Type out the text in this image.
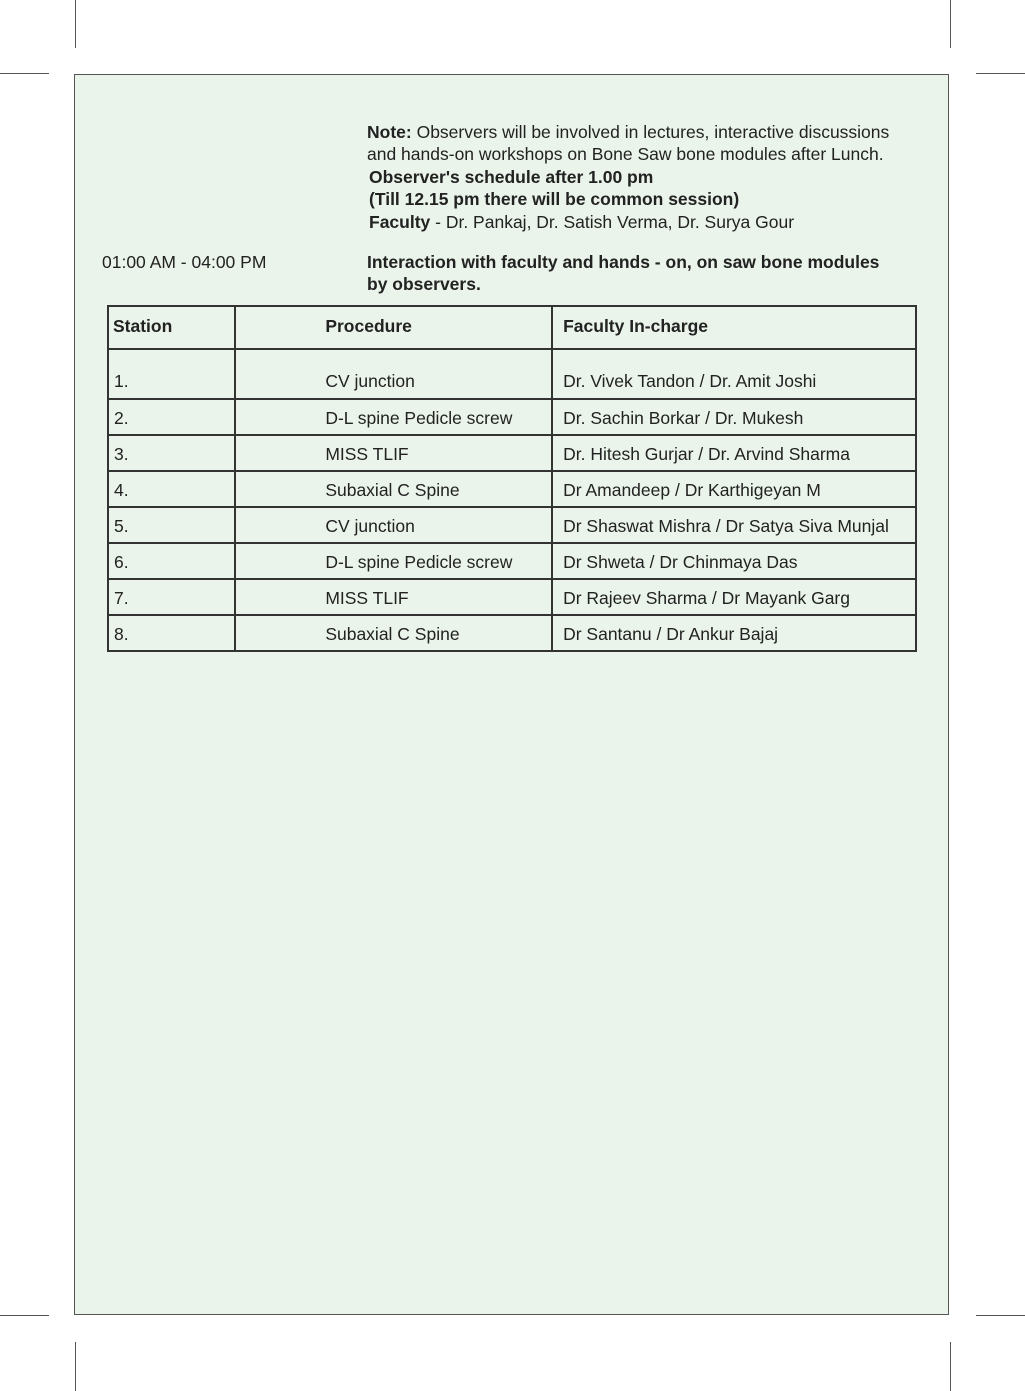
Note: Observers will be involved in lectures, interactive discussions
and hands-on workshops on Bone Saw bone modules after Lunch.
Observer's schedule after 1.00 pm
(Till 12.15 pm there will be common session)
Faculty - Dr. Pankaj, Dr. Satish Verma, Dr. Surya Gour
01:00 AM - 04:00 PM	Interaction with faculty and hands - on, on saw bone modules
by observers.
Station	Procedure	Faculty In-charge
1.	CV junction	Dr. Vivek Tandon / Dr. Amit Joshi
2.	D-L spine Pedicle screw	Dr. Sachin Borkar / Dr. Mukesh
3.	MISS TLIF	Dr. Hitesh Gurjar / Dr. Arvind Sharma
4.	Subaxial C Spine	Dr Amandeep / Dr Karthigeyan M
5.	CV junction	Dr Shaswat Mishra / Dr Satya Siva Munjal
6.	D-L spine Pedicle screw	Dr Shweta / Dr Chinmaya Das
7.	MISS TLIF	Dr Rajeev Sharma / Dr Mayank Garg
8.	Subaxial C Spine	Dr Santanu / Dr Ankur Bajaj
